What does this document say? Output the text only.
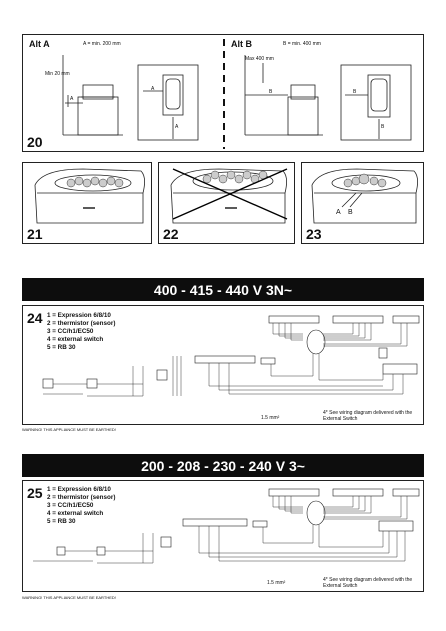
Alt A	A = min. 200 mm
Min 20 mm
A
A
A
Alt B	B = min. 400 mm
Max 400 mm
B	B
B
20
21	22
A B
23
400 - 415 - 440 V 3N~
24 1 = Expression 6/8/10
2 = thermistor (sensor)
3 = CC/h1/EC50
4 = external switch
5 = RB 30
1.5 mm²
4* See wiring diagram delivered with the External Switch
WARNING! THIS APPLIANCE MUST BE EARTHED!
200 - 208 - 230 - 240 V 3~
25 1 = Expression 6/8/10
2 = thermistor (sensor)
3 = CC/h1/EC50
4 = external switch
5 = RB 30
1.5 mm²	4* See wiring diagram delivered with the External Switch
WARNING! THIS APPLIANCE MUST BE EARTHED!
